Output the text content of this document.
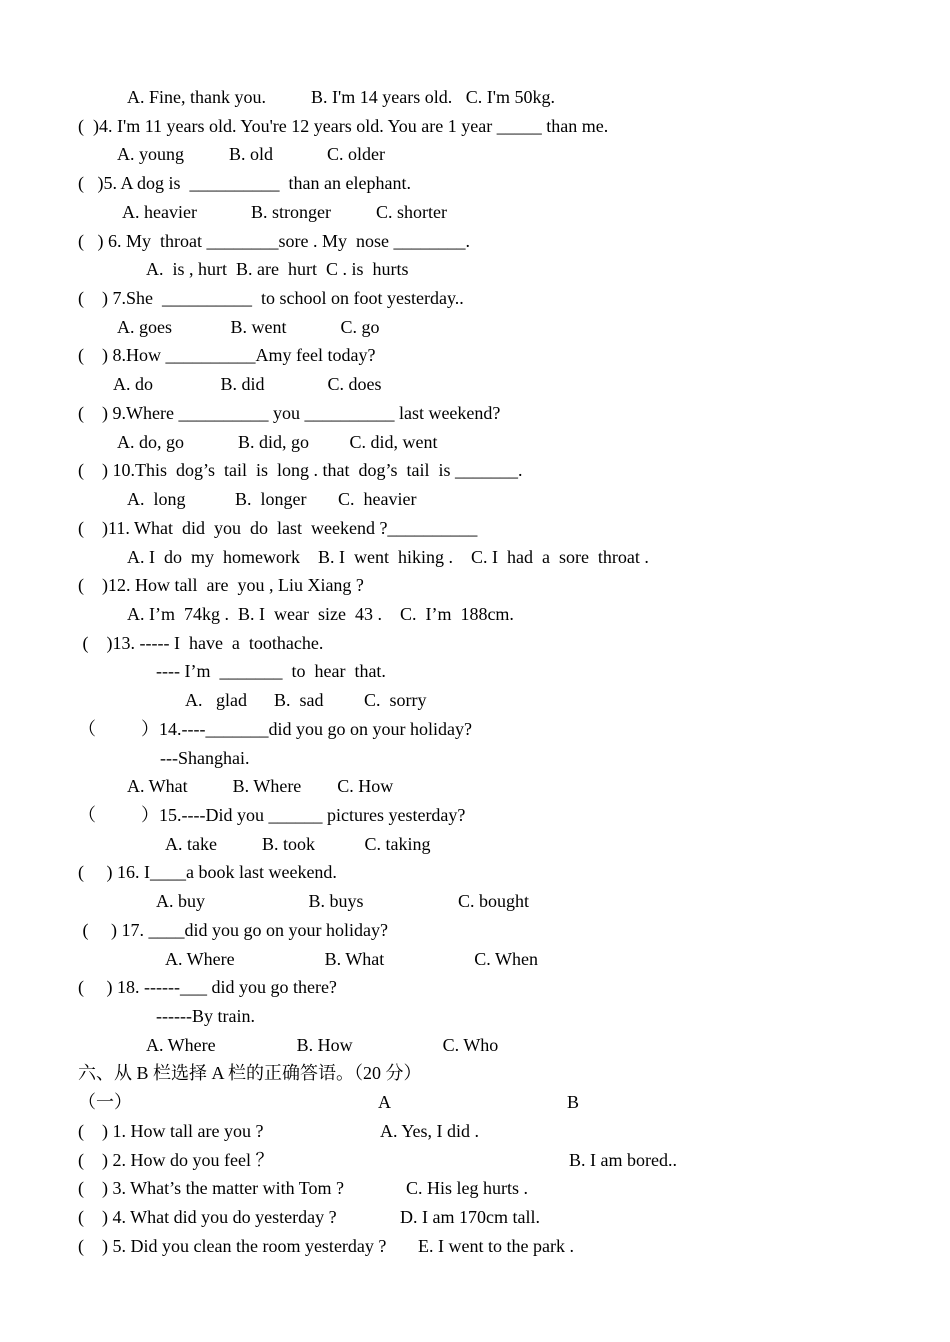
A. Fine, thank you.          B. I'm 14 years old.   C. I'm 50kg.
(  )4. I'm 11 years old. You're 12 years old. You are 1 year _____ than me.
A. young          B. old            C. older
(   )5. A dog is  __________  than an elephant.
A. heavier            B. stronger          C. shorter
(   ) 6. My  throat ________sore . My  nose ________.
A.  is , hurt  B. are  hurt  C . is  hurts
(    ) 7.She  __________  to school on foot yesterday..
A. goes             B. went            C. go
(    ) 8.How __________Amy feel today?
A. do               B. did              C. does
(    ) 9.Where __________ you __________ last weekend?
A. do, go            B. did, go         C. did, went
(    ) 10.This  dog’s  tail  is  long . that  dog’s  tail  is _______.
A.  long           B.  longer       C.  heavier
(    )11. What  did  you  do  last  weekend ?__________
A. I  do  my  homework    B. I  went  hiking .    C. I  had  a  sore  throat .
(    )12. How tall  are  you , Liu Xiang ?
A. I’m  74kg .  B. I  wear  size  43 .    C.  I’m  188cm.
(    )13. ----- I  have  a  toothache.
---- I’m  _______  to  hear  that.
A.   glad      B.  sad         C.  sorry
（          ）14.----_______did you go on your holiday?
---Shanghai.
A. What          B. Where        C. How
（          ）15.----Did you ______ pictures yesterday?
A. take          B. took           C. taking
(     ) 16. I____a book last weekend.
A. buy                       B. buys                     C. bought
(     ) 17. ____did you go on your holiday?
A. Where                    B. What                    C. When
(     ) 18. ------___ did you go there?
------By train.
A. Where                  B. How                    C. Who
六、从 B 栏选择 A 栏的正确答语。（20 分）
（一）	A	B
(    ) 1. How tall are you ?	A. Yes, I did .
(    ) 2. How do you feel ？	B. I am bored..
(    ) 3. What’s the matter with Tom ?	C. His leg hurts .
(    ) 4. What did you do yesterday ?	D. I am 170cm tall.
(    ) 5. Did you clean the room yesterday ? E. I went to the park .
